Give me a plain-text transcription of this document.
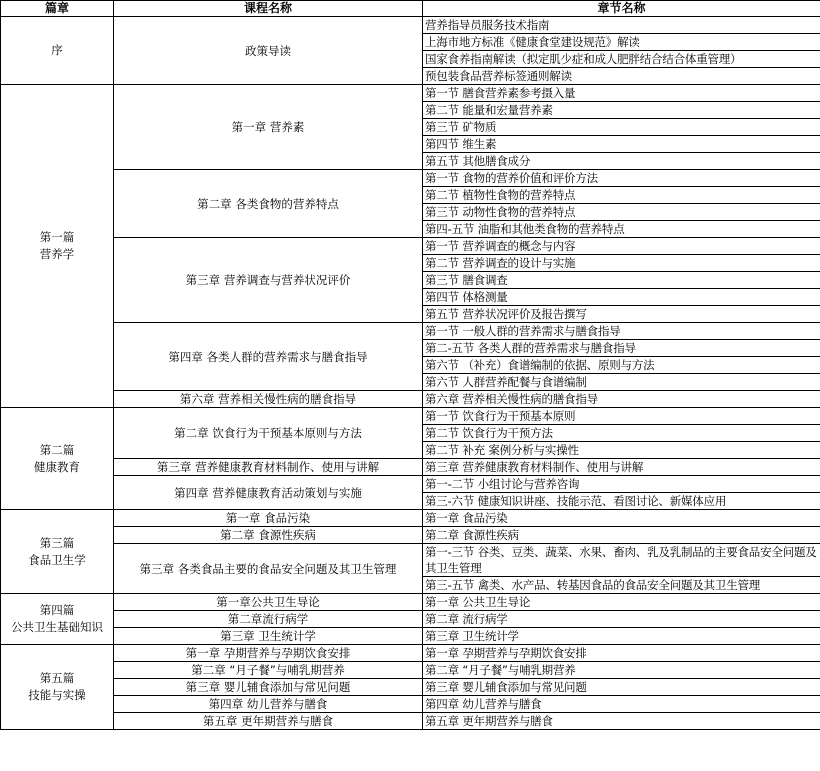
篇章	课程名称	章节名称

序	政策导读	营养指导员服务技术指南
		上海市地方标准《健康食堂建设规范》解读
		国家食养指南解读（拟定肌少症和成人肥胖结合结合体重管理）
		预包装食品营养标签通则解读

第一篇
营养学	第一章 营养素	第一节 膳食营养素参考摄入量
		第二节 能量和宏量营养素
		第三节 矿物质
		第四节 维生素
		第五节 其他膳食成分
	第二章 各类食物的营养特点	第一节 食物的营养价值和评价方法
		第二节 植物性食物的营养特点
		第三节 动物性食物的营养特点
		第四-五节 油脂和其他类食物的营养特点
	第三章 营养调查与营养状况评价	第一节 营养调查的概念与内容
		第二节 营养调查的设计与实施
		第三节 膳食调查
		第四节 体格测量
		第五节 营养状况评价及报告撰写
	第四章 各类人群的营养需求与膳食指导	第一节 一般人群的营养需求与膳食指导
		第二-五节 各类人群的营养需求与膳食指导
		第六节 （补充）食谱编制的依据、原则与方法
		第六节 人群营养配餐与食谱编制
	第六章 营养相关慢性病的膳食指导	第六章 营养相关慢性病的膳食指导

第二篇
健康教育	第二章 饮食行为干预基本原则与方法	第一节 饮食行为干预基本原则
		第二节 饮食行为干预方法
		第二节 补充 案例分析与实操性
	第三章 营养健康教育材料制作、使用与讲解	第三章 营养健康教育材料制作、使用与讲解
	第四章 营养健康教育活动策划与实施	第一-二节 小组讨论与营养咨询
		第三-六节 健康知识讲座、技能示范、看图讨论、新媒体应用

第三篇
食品卫生学	第一章 食品污染	第一章 食品污染
	第二章 食源性疾病	第二章 食源性疾病
	第三章 各类食品主要的食品安全问题及其卫生管理	第一-三节 谷类、豆类、蔬菜、水果、畜肉、乳及乳制品的主要食品安全问题及其卫生管理
		第三-五节 禽类、水产品、转基因食品的食品安全问题及其卫生管理

第四篇
公共卫生基础知识	第一章公共卫生导论	第一章 公共卫生导论
	第二章流行病学	第二章 流行病学
	第三章 卫生统计学	第三章 卫生统计学

第五篇
技能与实操	第一章 孕期营养与孕期饮食安排	第一章 孕期营养与孕期饮食安排
	第二章 “月子餐”与哺乳期营养	第二章 “月子餐”与哺乳期营养
	第三章 婴儿辅食添加与常见问题	第三章 婴儿辅食添加与常见问题
	第四章 幼儿营养与膳食	第四章 幼儿营养与膳食
	第五章 更年期营养与膳食	第五章 更年期营养与膳食
